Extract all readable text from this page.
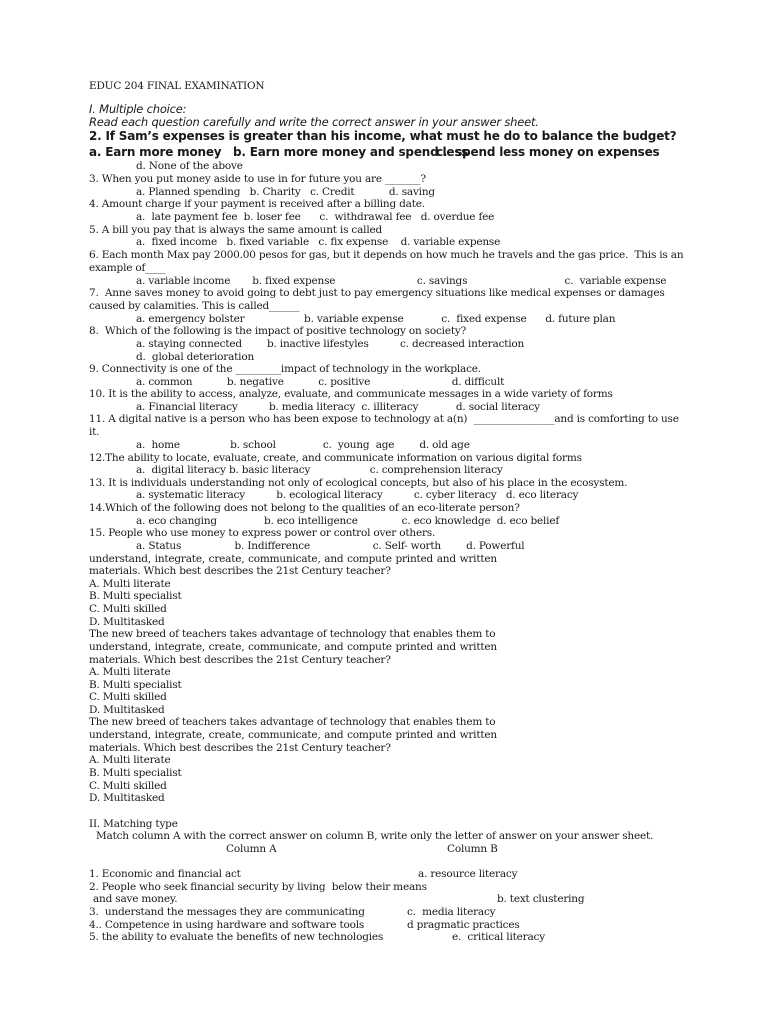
EDUC 204 FINAL EXAMINATION
I. Multiple choice:
Read each question carefully and write the correct answer in your answer sheet.
2. If Sam’s expenses is greater than his income, what must he do to balance the budget?
a. Earn more money b. Earn more money and spend less
c.  spend less money on expenses
d. None of the above
3. When you put money aside to use in for future you are _______?
a. Planned spending   b. Charity   c. Credit           d. saving
4. Amount charge if your payment is received after a billing date.
a.  late payment fee  b. loser fee      c.  withdrawal fee   d. overdue fee
5. A bill you pay that is always the same amount is called
a.  fixed income   b. fixed variable   c. fix expense    d. variable expense
6. Each month Max pay 2000.00 pesos for gas, but it depends on how much he travels and the gas price.  This is an
example of____
a. variable income       b. fixed expense                          c. savings                               c.  variable expense
7.  Anne saves money to avoid going to debt just to pay emergency situations like medical expenses or damages
caused by calamities. This is called______
a. emergency bolster                   b. variable expense            c.  fixed expense      d. future plan
8.  Which of the following is the impact of positive technology on society?
a. staying connected        b. inactive lifestyles          c. decreased interaction
d.  global deterioration
9. Connectivity is one of the _________impact of technology in the workplace.
a. common           b. negative           c. positive                          d. difficult
10. It is the ability to access, analyze, evaluate, and communicate messages in a wide variety of forms
a. Financial literacy          b. media literacy  c. illiteracy            d. social literacy
11. A digital native is a person who has been expose to technology at a(n)  ________________and is comforting to use
it.
a.  home                b. school               c.  young  age        d. old age
12.The ability to locate, evaluate, create, and communicate information on various digital forms
a.  digital literacy b. basic literacy                   c. comprehension literacy
13. It is individuals understanding not only of ecological concepts, but also of his place in the ecosystem.
a. systematic literacy          b. ecological literacy          c. cyber literacy   d. eco literacy
14.Which of the following does not belong to the qualities of an eco-literate person?
a. eco changing               b. eco intelligence              c. eco knowledge  d. eco belief
15. People who use money to express power or control over others.
a. Status                 b. Indifference                    c. Self- worth        d. Powerful
understand, integrate, create, communicate, and compute printed and written
materials. Which best describes the 21st Century teacher?
A. Multi literate
B. Multi specialist
C. Multi skilled
D. Multitasked
The new breed of teachers takes advantage of technology that enables them to
understand, integrate, create, communicate, and compute printed and written
materials. Which best describes the 21st Century teacher?
A. Multi literate
B. Multi specialist
C. Multi skilled
D. Multitasked
The new breed of teachers takes advantage of technology that enables them to
understand, integrate, create, communicate, and compute printed and written
materials. Which best describes the 21st Century teacher?
A. Multi literate
B. Multi specialist
C. Multi skilled
D. Multitasked
II. Matching type
Match column A with the correct answer on column B, write only the letter of answer on your answer sheet.
Column A	Column B
1. Economic and financial act	a. resource literacy
2. People who seek financial security by living  below their means
and save money.	b. text clustering
3.  understand the messages they are communicating	c.  media literacy
4.. Competence in using hardware and software tools	d pragmatic practices
5. the ability to evaluate the benefits of new technologies	e.  critical literacy
